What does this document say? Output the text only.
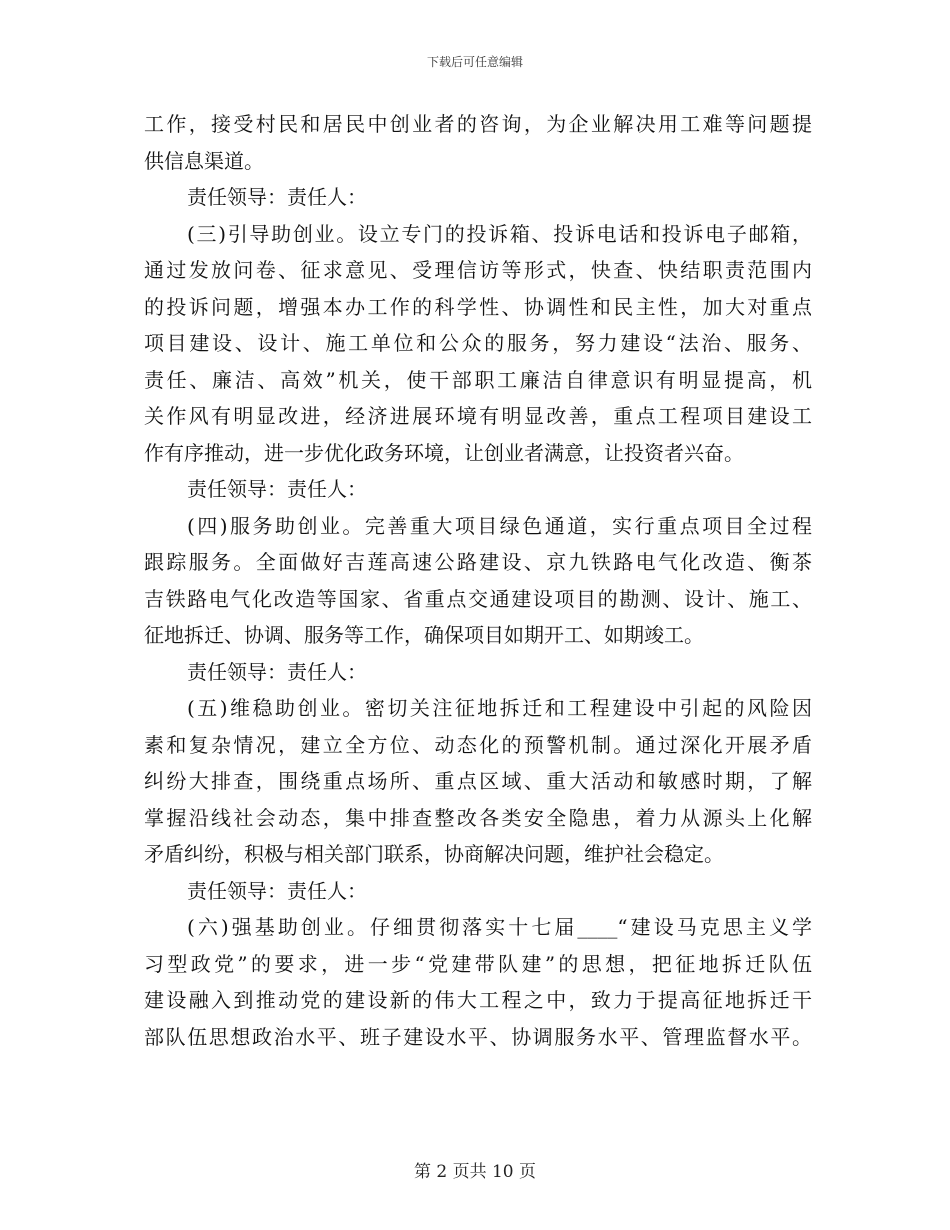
下载后可任意编辑
工作，接受村民和居民中创业者的咨询，为企业解决用工难等问题提
供信息渠道。
责任领导：责任人：
(三)引导助创业。设立专门的投诉箱、投诉电话和投诉电子邮箱，
通过发放问卷、征求意见、受理信访等形式，快查、快结职责范围内
的投诉问题，增强本办工作的科学性、协调性和民主性，加大对重点
项目建设、设计、施工单位和公众的服务，努力建设“法治、服务、
责任、廉洁、高效”机关，使干部职工廉洁自律意识有明显提高，机
关作风有明显改进，经济进展环境有明显改善，重点工程项目建设工
作有序推动，进一步优化政务环境，让创业者满意，让投资者兴奋。
责任领导：责任人：
(四)服务助创业。完善重大项目绿色通道，实行重点项目全过程
跟踪服务。全面做好吉莲高速公路建设、京九铁路电气化改造、衡茶
吉铁路电气化改造等国家、省重点交通建设项目的勘测、设计、施工、
征地拆迁、协调、服务等工作，确保项目如期开工、如期竣工。
责任领导：责任人：
(五)维稳助创业。密切关注征地拆迁和工程建设中引起的风险因
素和复杂情况，建立全方位、动态化的预警机制。通过深化开展矛盾
纠纷大排查，围绕重点场所、重点区域、重大活动和敏感时期，了解
掌握沿线社会动态，集中排查整改各类安全隐患，着力从源头上化解
矛盾纠纷，积极与相关部门联系，协商解决问题，维护社会稳定。
责任领导：责任人：
(六)强基助创业。仔细贯彻落实十七届____“建设马克思主义学
习型政党”的要求，进一步“党建带队建”的思想，把征地拆迁队伍
建设融入到推动党的建设新的伟大工程之中，致力于提高征地拆迁干
部队伍思想政治水平、班子建设水平、协调服务水平、管理监督水平。
第 2 页共 10 页
